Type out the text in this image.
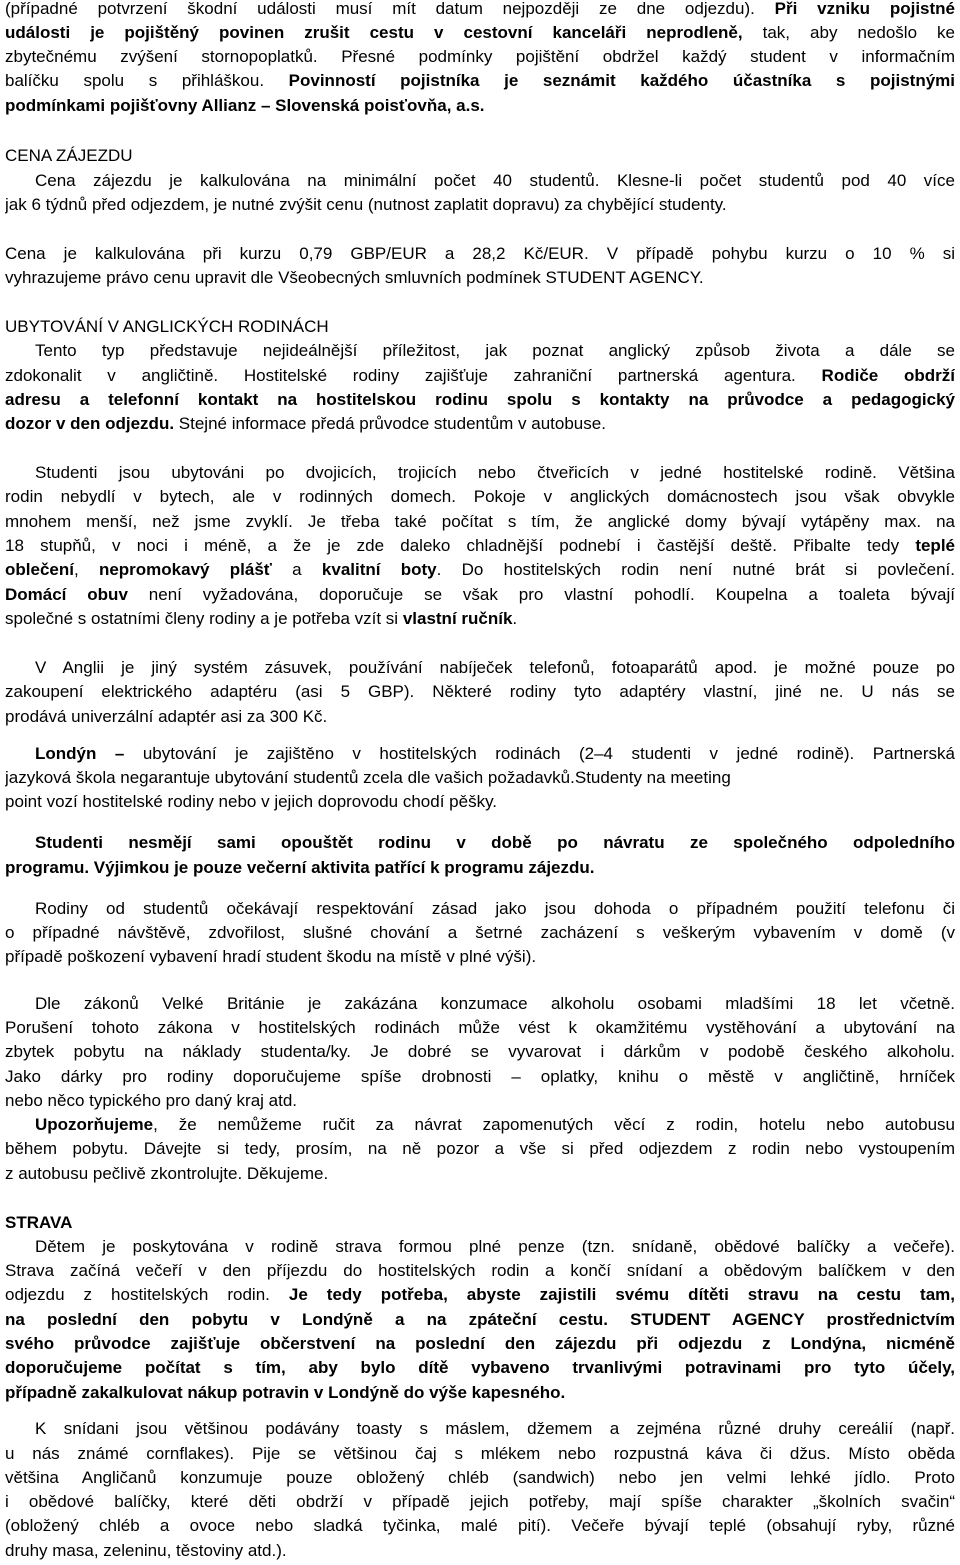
(případné potvrzení škodní události musí mít datum nejpozději ze dne odjezdu). Při vzniku pojistné
události je pojištěný povinen zrušit cestu v cestovní kanceláři neprodleně, tak, aby nedošlo ke
zbytečnému zvýšení stornopoplatků. Přesné podmínky pojištění obdržel každý student v informačním
balíčku spolu s přihláškou. Povinností pojistníka je seznámit každého účastníka s pojistnými
podmínkami pojišťovny Allianz – Slovenská poisťovňa, a.s.
CENA ZÁJEZDU
Cena zájezdu je kalkulována na minimální počet 40 studentů. Klesne-li počet studentů pod 40 více
jak 6 týdnů před odjezdem, je nutné zvýšit cenu (nutnost zaplatit dopravu) za chybějící studenty.
Cena je kalkulována při kurzu 0,79 GBP/EUR a 28,2 Kč/EUR. V případě pohybu kurzu o 10 % si
vyhrazujeme právo cenu upravit dle Všeobecných smluvních podmínek STUDENT AGENCY.
UBYTOVÁNÍ V ANGLICKÝCH RODINÁCH
Tento typ představuje nejideálnější příležitost, jak poznat anglický způsob života a dále se
zdokonalit v angličtině. Hostitelské rodiny zajišťuje zahraniční partnerská agentura. Rodiče obdrží
adresu a telefonní kontakt na hostitelskou rodinu spolu s kontakty na průvodce a pedagogický
dozor v den odjezdu. Stejné informace předá průvodce studentům v autobuse.
Studenti jsou ubytováni po dvojicích, trojicích nebo čtveřicích v jedné hostitelské rodině. Většina
rodin nebydlí v bytech, ale v rodinných domech. Pokoje v anglických domácnostech jsou však obvykle
mnohem menší, než jsme zvyklí. Je třeba také počítat s tím, že anglické domy bývají vytápěny max. na
18 stupňů, v noci i méně, a že je zde daleko chladnější podnebí i častější deště. Přibalte tedy teplé
oblečení, nepromokavý plášť a kvalitní boty. Do hostitelských rodin není nutné brát si povlečení.
Domácí obuv není vyžadována, doporučuje se však pro vlastní pohodlí. Koupelna a toaleta bývají
společné s ostatními členy rodiny a je potřeba vzít si vlastní ručník.
V Anglii je jiný systém zásuvek, používání nabíječek telefonů, fotoaparátů apod. je možné pouze po
zakoupení elektrického adaptéru (asi 5 GBP). Některé rodiny tyto adaptéry vlastní, jiné ne. U nás se
prodává univerzální adaptér asi za 300 Kč.
Londýn – ubytování je zajištěno v hostitelských rodinách (2–4 studenti v jedné rodině). Partnerská
jazyková škola negarantuje ubytování studentů zcela dle vašich požadavků.Studenty na meeting
point vozí hostitelské rodiny nebo v jejich doprovodu chodí pěšky.
Studenti nesmějí sami opouštět rodinu v době po návratu ze společného odpoledního
programu. Výjimkou je pouze večerní aktivita patřící k programu zájezdu.
Rodiny od studentů očekávají respektování zásad jako jsou dohoda o případném použití telefonu či
o případné návštěvě, zdvořilost, slušné chování a šetrné zacházení s veškerým vybavením v domě (v
případě poškození vybavení hradí student škodu na místě v plné výši).
Dle zákonů Velké Británie je zakázána konzumace alkoholu osobami mladšími 18 let včetně.
Porušení tohoto zákona v hostitelských rodinách může vést k okamžitému vystěhování a ubytování na
zbytek pobytu na náklady studenta/ky. Je dobré se vyvarovat i dárkům v podobě českého alkoholu.
Jako dárky pro rodiny doporučujeme spíše drobnosti – oplatky, knihu o městě v angličtině, hrníček
nebo něco typického pro daný kraj atd.
Upozorňujeme, že nemůžeme ručit za návrat zapomenutých věcí z rodin, hotelu nebo autobusu
během pobytu. Dávejte si tedy, prosím, na ně pozor a vše si před odjezdem z rodin nebo vystoupením
z autobusu pečlivě zkontrolujte. Děkujeme.
STRAVA
Dětem je poskytována v rodině strava formou plné penze (tzn. snídaně, obědové balíčky a večeře).
Strava začíná večeří v den příjezdu do hostitelských rodin a končí snídaní a obědovým balíčkem v den
odjezdu z hostitelských rodin. Je tedy potřeba, abyste zajistili svému dítěti stravu na cestu tam,
na poslední den pobytu v Londýně a na zpáteční cestu. STUDENT AGENCY prostřednictvím
svého průvodce zajišťuje občerstvení na poslední den zájezdu při odjezdu z Londýna, nicméně
doporučujeme počítat s tím, aby bylo dítě vybaveno trvanlivými potravinami pro tyto účely,
případně zakalkulovat nákup potravin v Londýně do výše kapesného.
K snídani jsou většinou podávány toasty s máslem, džemem a zejména různé druhy cereálií (např.
u nás známé cornflakes). Pije se většinou čaj s mlékem nebo rozpustná káva či džus. Místo oběda
většina Angličanů konzumuje pouze obložený chléb (sandwich) nebo jen velmi lehké jídlo. Proto
i obědové balíčky, které děti obdrží v případě jejich potřeby, mají spíše charakter „školních svačin“
(obložený chléb a ovoce nebo sladká tyčinka, malé pití). Večeře bývají teplé (obsahují ryby, různé
druhy masa, zeleninu, těstoviny atd.).
